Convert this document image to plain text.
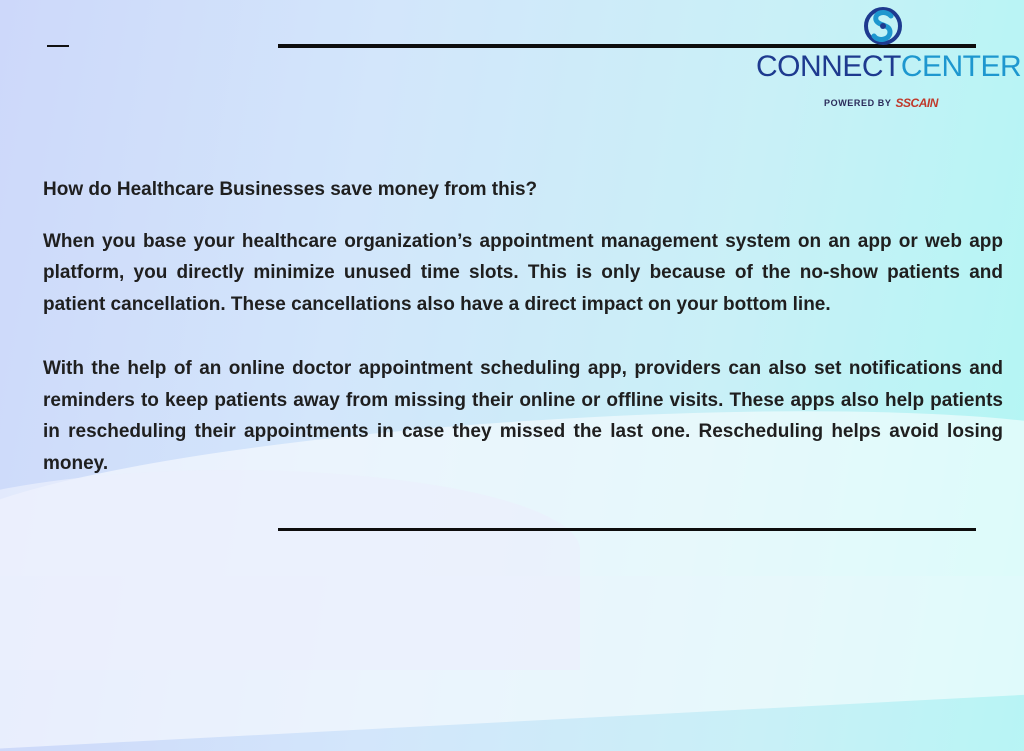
CONNECTCENTER
POWERED BY SSCAIN

How do Healthcare Businesses save money from this?

When you base your healthcare organization’s appointment management system on an app or web app platform, you directly minimize unused time slots. This is only because of the no-show patients and patient cancellation. These cancellations also have a direct impact on your bottom line.

With the help of an online doctor appointment scheduling app, providers can also set notifications and reminders to keep patients away from missing their online or offline visits. These apps also help patients in rescheduling their appointments in case they missed the last one. Rescheduling helps avoid losing money.
